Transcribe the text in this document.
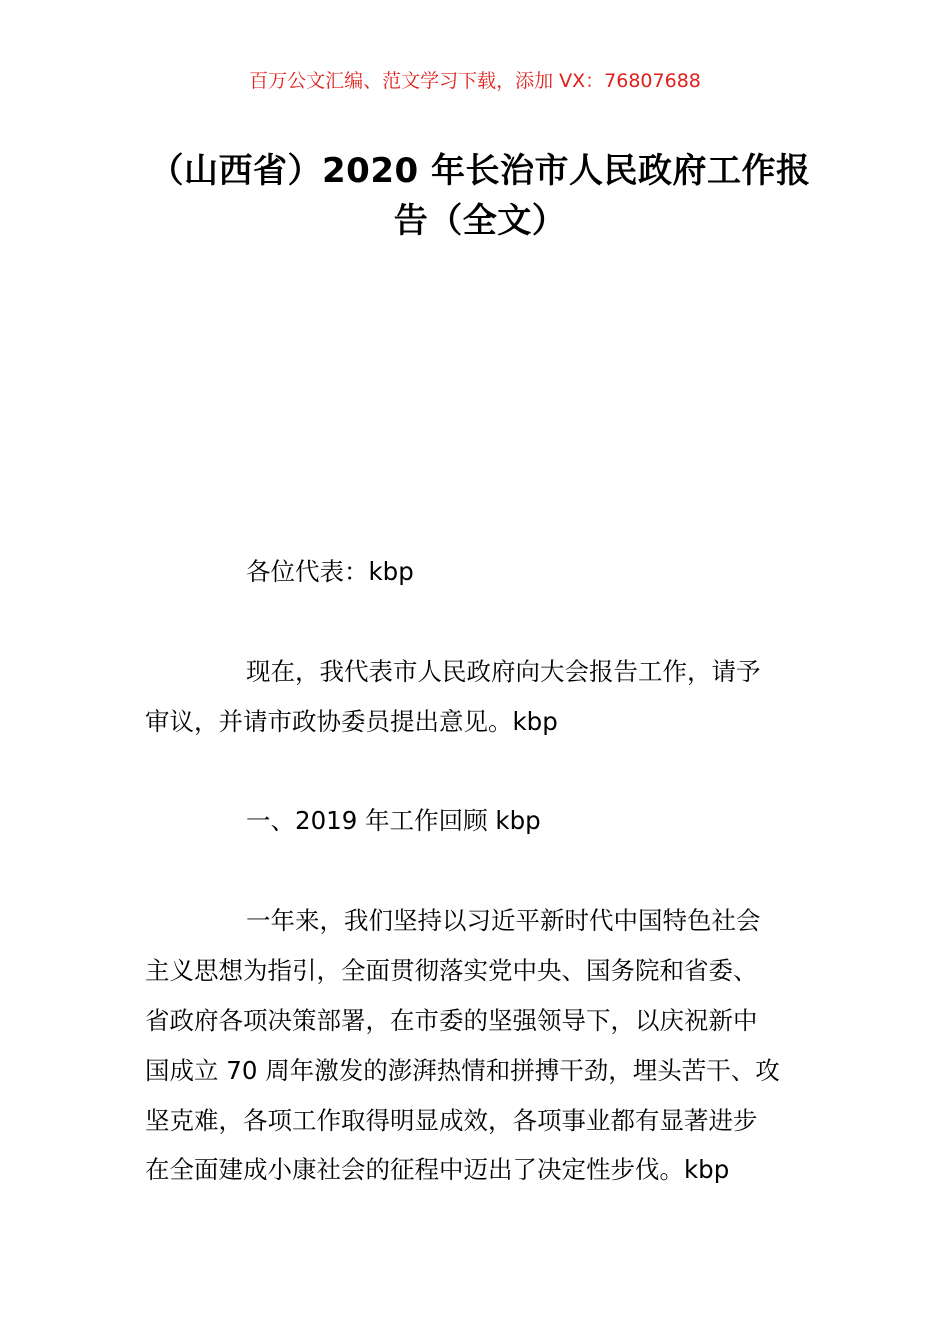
百万公文汇编、范文学习下载，添加 VX：76807688
（山西省）2020 年长治市人民政府工作报
告（全文）
各位代表：kbp
现在，我代表市人民政府向大会报告工作，请予
审议，并请市政协委员提出意见。kbp
一、2019 年工作回顾 kbp
一年来，我们坚持以习近平新时代中国特色社会
主义思想为指引，全面贯彻落实党中央、国务院和省委、
省政府各项决策部署，在市委的坚强领导下，以庆祝新中
国成立 70 周年激发的澎湃热情和拼搏干劲，埋头苦干、攻
坚克难，各项工作取得明显成效，各项事业都有显著进步
在全面建成小康社会的征程中迈出了决定性步伐。kbp
